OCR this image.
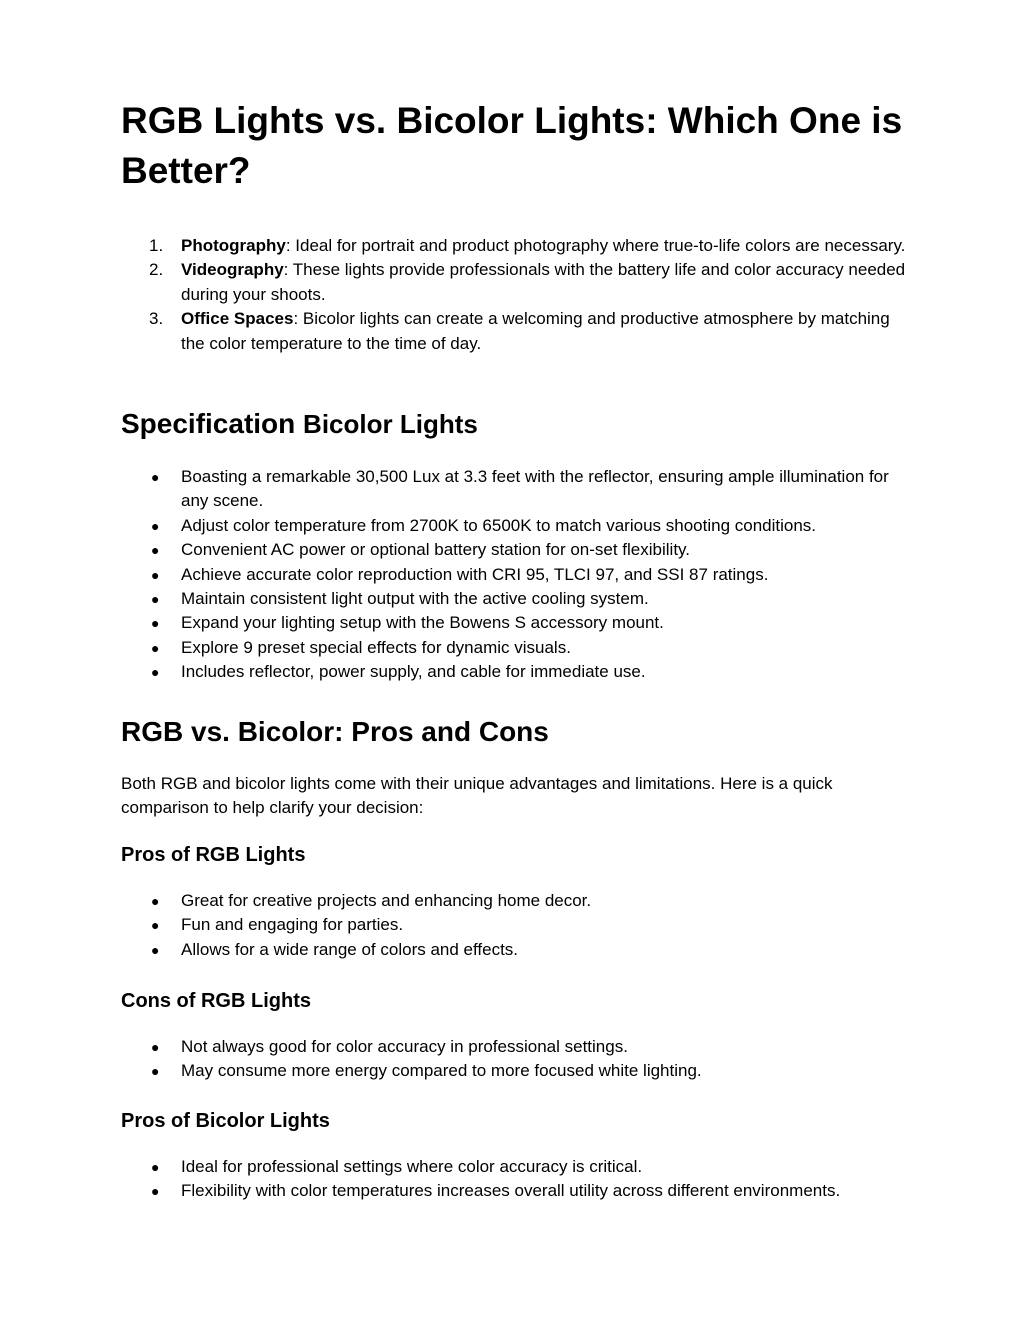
RGB Lights vs. Bicolor Lights: Which One is Better?
1.	Photography: Ideal for portrait and product photography where true-to-life colors are necessary.
2.	Videography: These lights provide professionals with the battery life and color accuracy needed during your shoots.
3.	Office Spaces: Bicolor lights can create a welcoming and productive atmosphere by matching the color temperature to the time of day.
Specification Bicolor Lights
●	Boasting a remarkable 30,500 Lux at 3.3 feet with the reflector, ensuring ample illumination for any scene.
●	Adjust color temperature from 2700K to 6500K to match various shooting conditions.
●	Convenient AC power or optional battery station for on-set flexibility.
●	Achieve accurate color reproduction with CRI 95, TLCI 97, and SSI 87 ratings.
●	Maintain consistent light output with the active cooling system.
●	Expand your lighting setup with the Bowens S accessory mount.
●	Explore 9 preset special effects for dynamic visuals.
●	Includes reflector, power supply, and cable for immediate use.
RGB vs. Bicolor: Pros and Cons

Both RGB and bicolor lights come with their unique advantages and limitations. Here is a quick comparison to help clarify your decision:

Pros of RGB Lights
●	Great for creative projects and enhancing home decor.
●	Fun and engaging for parties.
●	Allows for a wide range of colors and effects.
Cons of RGB Lights
●	Not always good for color accuracy in professional settings.
●	May consume more energy compared to more focused white lighting.
Pros of Bicolor Lights
●	Ideal for professional settings where color accuracy is critical.
●	Flexibility with color temperatures increases overall utility across different environments.
